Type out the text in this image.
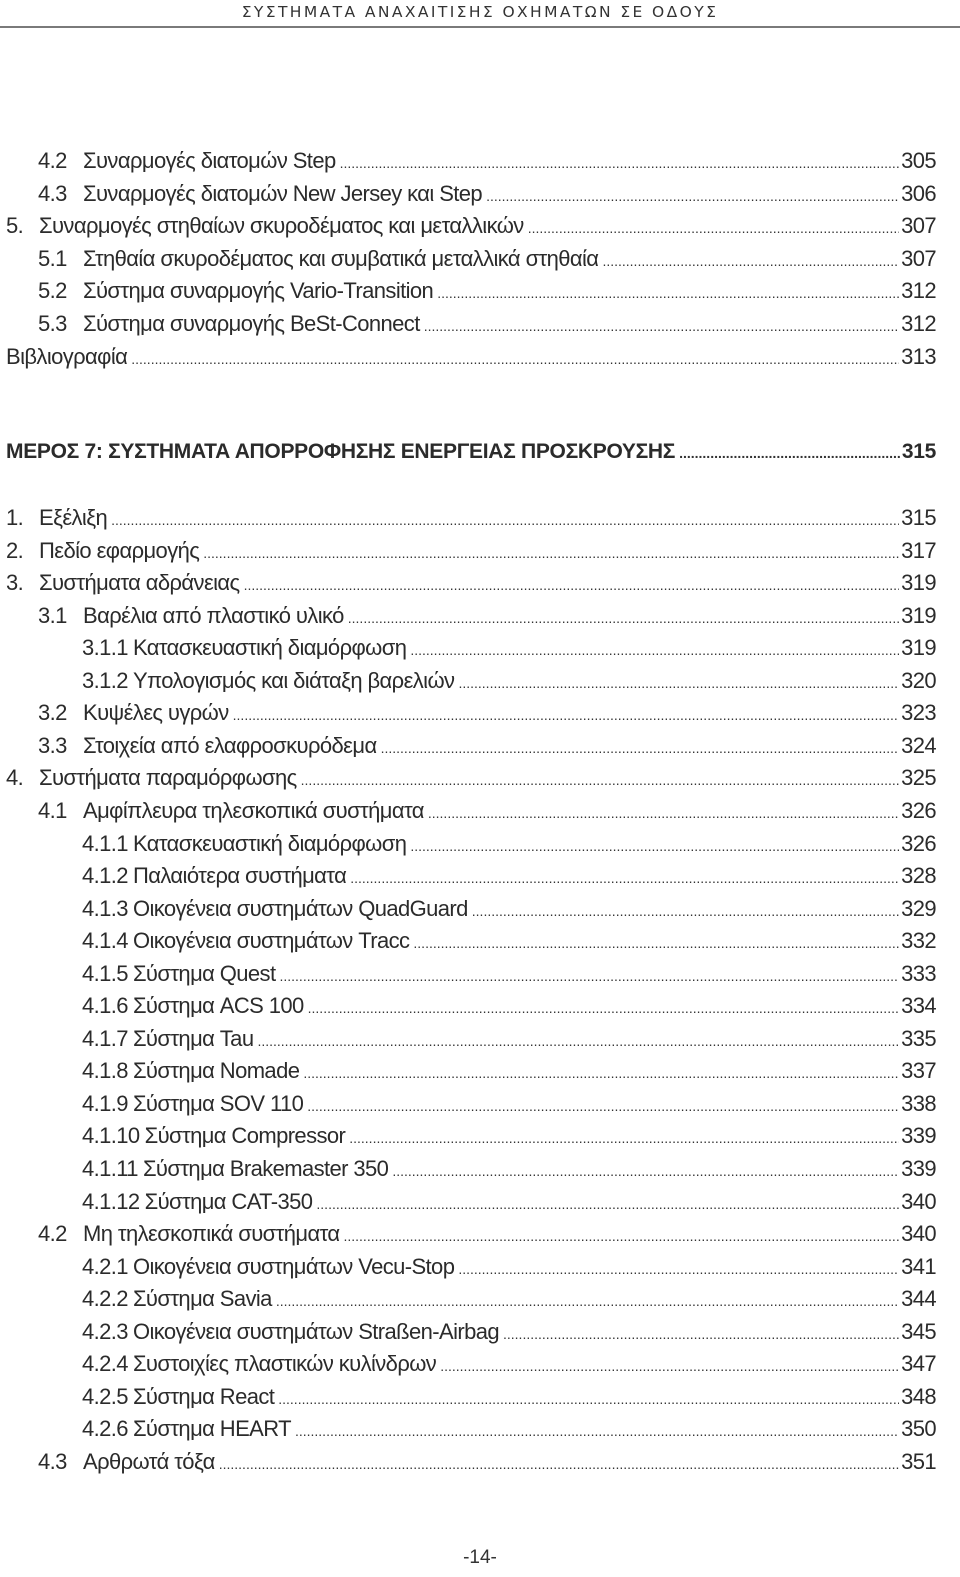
ΣΥΣΤΗΜΑΤΑ ΑΝΑΧΑΙΤΙΣΗΣ ΟΧΗΜΑΤΩΝ ΣΕ ΟΔΟΥΣ
4.2 Συναρμογές διατομών Step .....	305
4.3 Συναρμογές διατομών New Jersey και Step .....	306
5. Συναρμογές στηθαίων σκυροδέματος και μεταλλικών .....	307
5.1 Στηθαία σκυροδέματος και συμβατικά μεταλλικά στηθαία .....	307
5.2 Σύστημα συναρμογής Vario-Transition .....	312
5.3 Σύστημα συναρμογής BeSt-Connect .....	312
Βιβλιογραφία .....	313
ΜΕΡΟΣ 7: ΣΥΣΤΗΜΑΤΑ ΑΠΟΡΡΟΦΗΣΗΣ ΕΝΕΡΓΕΙΑΣ ΠΡΟΣΚΡΟΥΣΗΣ .....	315
1. Εξέλιξη .....	315
2. Πεδίο εφαρμογής .....	317
3. Συστήματα αδράνειας .....	319
3.1 Βαρέλια από πλαστικό υλικό .....	319
3.1.1 Κατασκευαστική διαμόρφωση .....	319
3.1.2 Υπολογισμός και διάταξη βαρελιών .....	320
3.2 Κυψέλες υγρών .....	323
3.3 Στοιχεία από ελαφροσκυρόδεμα .....	324
4. Συστήματα παραμόρφωσης .....	325
4.1 Αμφίπλευρα τηλεσκοπικά συστήματα .....	326
4.1.1 Κατασκευαστική διαμόρφωση .....	326
4.1.2 Παλαιότερα συστήματα .....	328
4.1.3 Οικογένεια συστημάτων QuadGuard .....	329
4.1.4 Οικογένεια συστημάτων Tracc .....	332
4.1.5 Σύστημα Quest .....	333
4.1.6 Σύστημα ACS 100 .....	334
4.1.7 Σύστημα Tau .....	335
4.1.8 Σύστημα Nomade .....	337
4.1.9 Σύστημα SOV 110 .....	338
4.1.10 Σύστημα Compressor .....	339
4.1.11 Σύστημα Brakemaster 350 .....	339
4.1.12 Σύστημα CAT-350 .....	340
4.2 Μη τηλεσκοπικά συστήματα .....	340
4.2.1 Οικογένεια συστημάτων Vecu-Stop .....	341
4.2.2 Σύστημα Savia .....	344
4.2.3 Οικογένεια συστημάτων Straßen-Airbag .....	345
4.2.4 Συστοιχίες πλαστικών κυλίνδρων .....	347
4.2.5 Σύστημα React .....	348
4.2.6 Σύστημα HEART .....	350
4.3 Αρθρωτά τόξα .....	351
-14-
